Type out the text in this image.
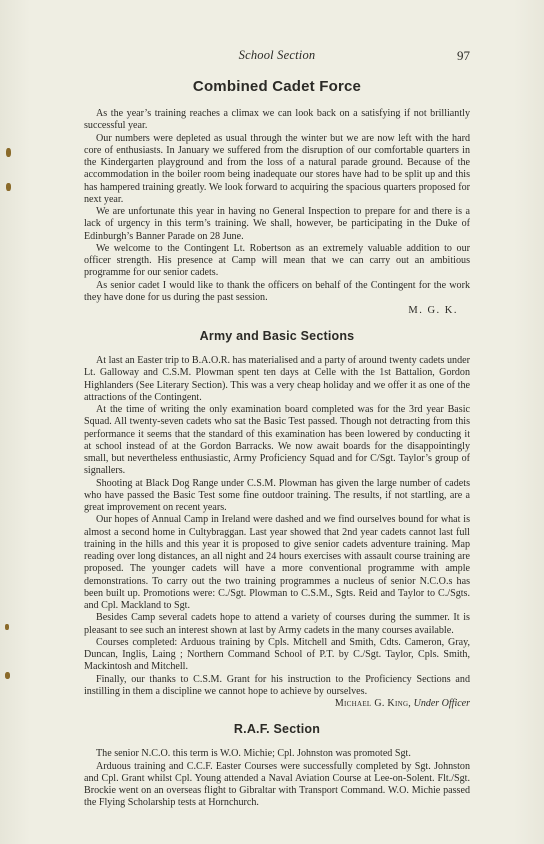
School Section	97
Combined Cadet Force

As the year’s training reaches a climax we can look back on a satisfying if not brilliantly successful year.

Our numbers were depleted as usual through the winter but we are now left with the hard core of enthusiasts. In January we suffered from the disruption of our comfortable quarters in the Kindergarten playground and from the loss of a natural parade ground. Because of the accommodation in the boiler room being inadequate our stores have had to be split up and this has hampered training greatly. We look forward to acquiring the spacious quarters proposed for next year.

We are unfortunate this year in having no General Inspection to prepare for and there is a lack of urgency in this term’s training. We shall, however, be participating in the Duke of Edinburgh’s Banner Parade on 28 June.

We welcome to the Contingent Lt. Robertson as an extremely valuable addition to our officer strength. His presence at Camp will mean that we can carry out an ambitious programme for our senior cadets.

As senior cadet I would like to thank the officers on behalf of the Contingent for the work they have done for us during the past session.

M. G. K.
Army and Basic Sections

At last an Easter trip to B.A.O.R. has materialised and a party of around twenty cadets under Lt. Galloway and C.S.M. Plowman spent ten days at Celle with the 1st Battalion, Gordon Highlanders (See Literary Section). This was a very cheap holiday and we offer it as one of the attractions of the Contingent.

At the time of writing the only examination board completed was for the 3rd year Basic Squad. All twenty-seven cadets who sat the Basic Test passed. Though not detracting from this performance it seems that the standard of this examination has been lowered by conducting it at school instead of at the Gordon Barracks. We now await boards for the disappointingly small, but nevertheless enthusiastic, Army Proficiency Squad and for C/Sgt. Taylor’s group of signallers.

Shooting at Black Dog Range under C.S.M. Plowman has given the large number of cadets who have passed the Basic Test some fine outdoor training. The results, if not startling, are a great improvement on recent years.

Our hopes of Annual Camp in Ireland were dashed and we find ourselves bound for what is almost a second home in Cultybraggan. Last year showed that 2nd year cadets cannot last full training in the hills and this year it is proposed to give senior cadets adventure training. Map reading over long distances, an all night and 24 hours exercises with assault course training are proposed. The younger cadets will have a more conventional programme with ample demonstrations. To carry out the two training programmes a nucleus of senior N.C.O.s has been built up. Promotions were: C./Sgt. Plowman to C.S.M., Sgts. Reid and Taylor to C./Sgts. and Cpl. Mackland to Sgt.

Besides Camp several cadets hope to attend a variety of courses during the summer. It is pleasant to see such an interest shown at last by Army cadets in the many courses available.

Courses completed: Arduous training by Cpls. Mitchell and Smith, Cdts. Cameron, Gray, Duncan, Inglis, Laing ; Northern Command School of P.T. by C./Sgt. Taylor, Cpls. Smith, Mackintosh and Mitchell.

Finally, our thanks to C.S.M. Grant for his instruction to the Proficiency Sections and instilling in them a discipline we cannot hope to achieve by ourselves.

Michael G. King, Under Officer
R.A.F. Section

The senior N.C.O. this term is W.O. Michie; Cpl. Johnston was promoted Sgt.

Arduous training and C.C.F. Easter Courses were successfully completed by Sgt. Johnston and Cpl. Grant whilst Cpl. Young attended a Naval Aviation Course at Lee-on-Solent. Flt./Sgt. Brockie went on an overseas flight to Gibraltar with Transport Command. W.O. Michie passed the Flying Scholarship tests at Hornchurch.
